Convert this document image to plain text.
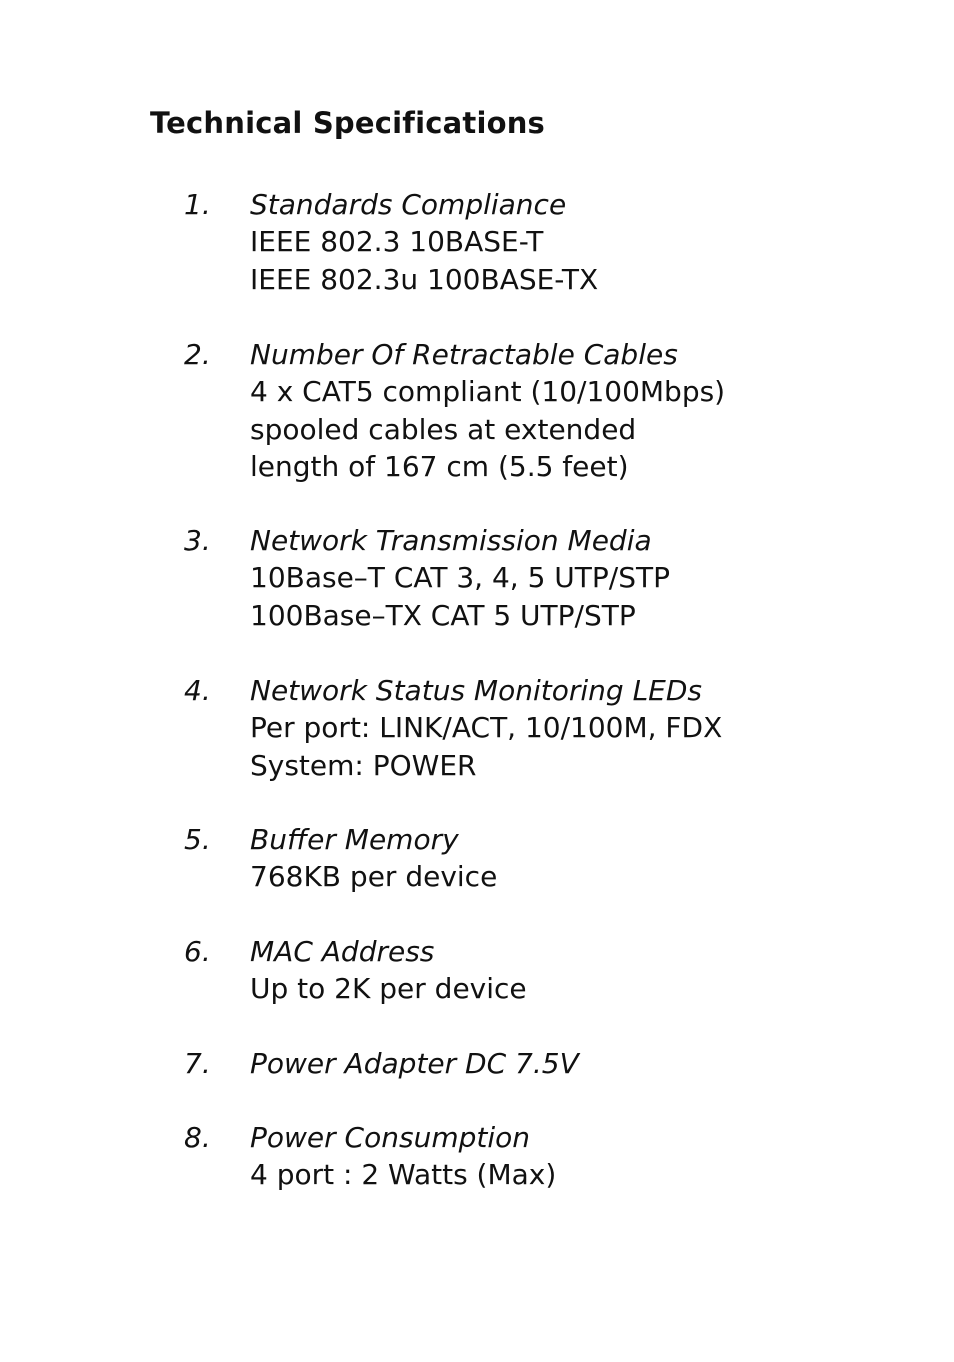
Technical Specifications
1. Standards Compliance
IEEE 802.3 10BASE-T
IEEE 802.3u 100BASE-TX
2. Number Of Retractable Cables
4 x CAT5 compliant (10/100Mbps)
spooled cables at extended
length of 167 cm (5.5 feet)
3. Network Transmission Media
10Base–T CAT 3, 4, 5 UTP/STP
100Base–TX CAT 5 UTP/STP
4. Network Status Monitoring LEDs
Per port: LINK/ACT, 10/100M, FDX
System: POWER
5. Buffer Memory
768KB per device
6. MAC Address
Up to 2K per device
7. Power Adapter DC 7.5V
8. Power Consumption
4 port : 2 Watts (Max)
